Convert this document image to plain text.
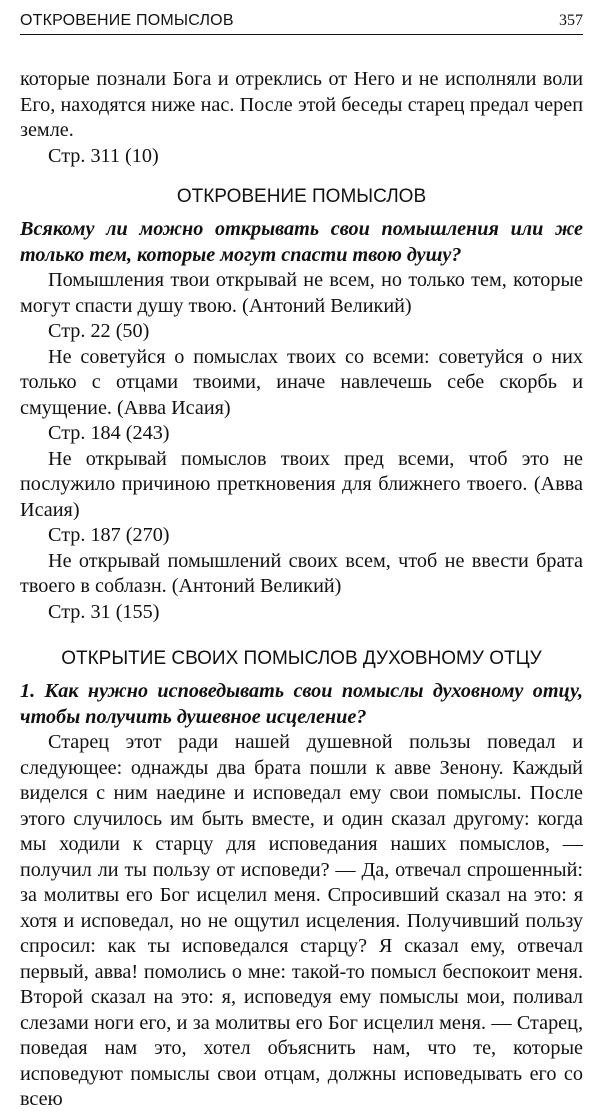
ОТКРОВЕНИЕ ПОМЫСЛОВ	357

которые познали Бога и отреклись от Него и не исполняли воли Его, находятся ниже нас. После этой беседы старец предал череп земле.

Стр. 311 (10)

ОТКРОВЕНИЕ ПОМЫСЛОВ

Всякому ли можно открывать свои помышления или же только тем, которые могут спасти твою душу?

Помышления твои открывай не всем, но только тем, которые могут спасти душу твою. (Антоний Великий)

Стр. 22 (50)

Не советуйся о помыслах твоих со всеми: советуйся о них только с отцами твоими, иначе навлечешь себе скорбь и смущение. (Авва Исаия)

Стр. 184 (243)

Не открывай помыслов твоих пред всеми, чтоб это не послужило причиною преткновения для ближнего твоего. (Авва Исаия)

Стр. 187 (270)

Не открывай помышлений своих всем, чтоб не ввести брата твоего в соблазн. (Антоний Великий)

Стр. 31 (155)

ОТКРЫТИЕ СВОИХ ПОМЫСЛОВ ДУХОВНОМУ ОТЦУ

1. Как нужно исповедывать свои помыслы духовному отцу, чтобы получить душевное исцеление?

Старец этот ради нашей душевной пользы поведал и следующее: однажды два брата пошли к авве Зенону. Каждый виделся с ним наедине и исповедал ему свои помыслы. После этого случилось им быть вместе, и один сказал другому: когда мы ходили к старцу для исповедания наших помыслов, — получил ли ты пользу от исповеди? — Да, отвечал спрошенный: за молитвы его Бог исцелил меня. Спросивший сказал на это: я хотя и исповедал, но не ощутил исцеления. Получивший пользу спросил: как ты исповедался старцу? Я сказал ему, отвечал первый, авва! помолись о мне: такой-то помысл беспокоит меня. Второй сказал на это: я, исповедуя ему помыслы мои, поливал слезами ноги его, и за молитвы его Бог исцелил меня. — Старец, поведая нам это, хотел объяснить нам, что те, которые исповедуют помыслы свои отцам, должны исповедывать его со всею
